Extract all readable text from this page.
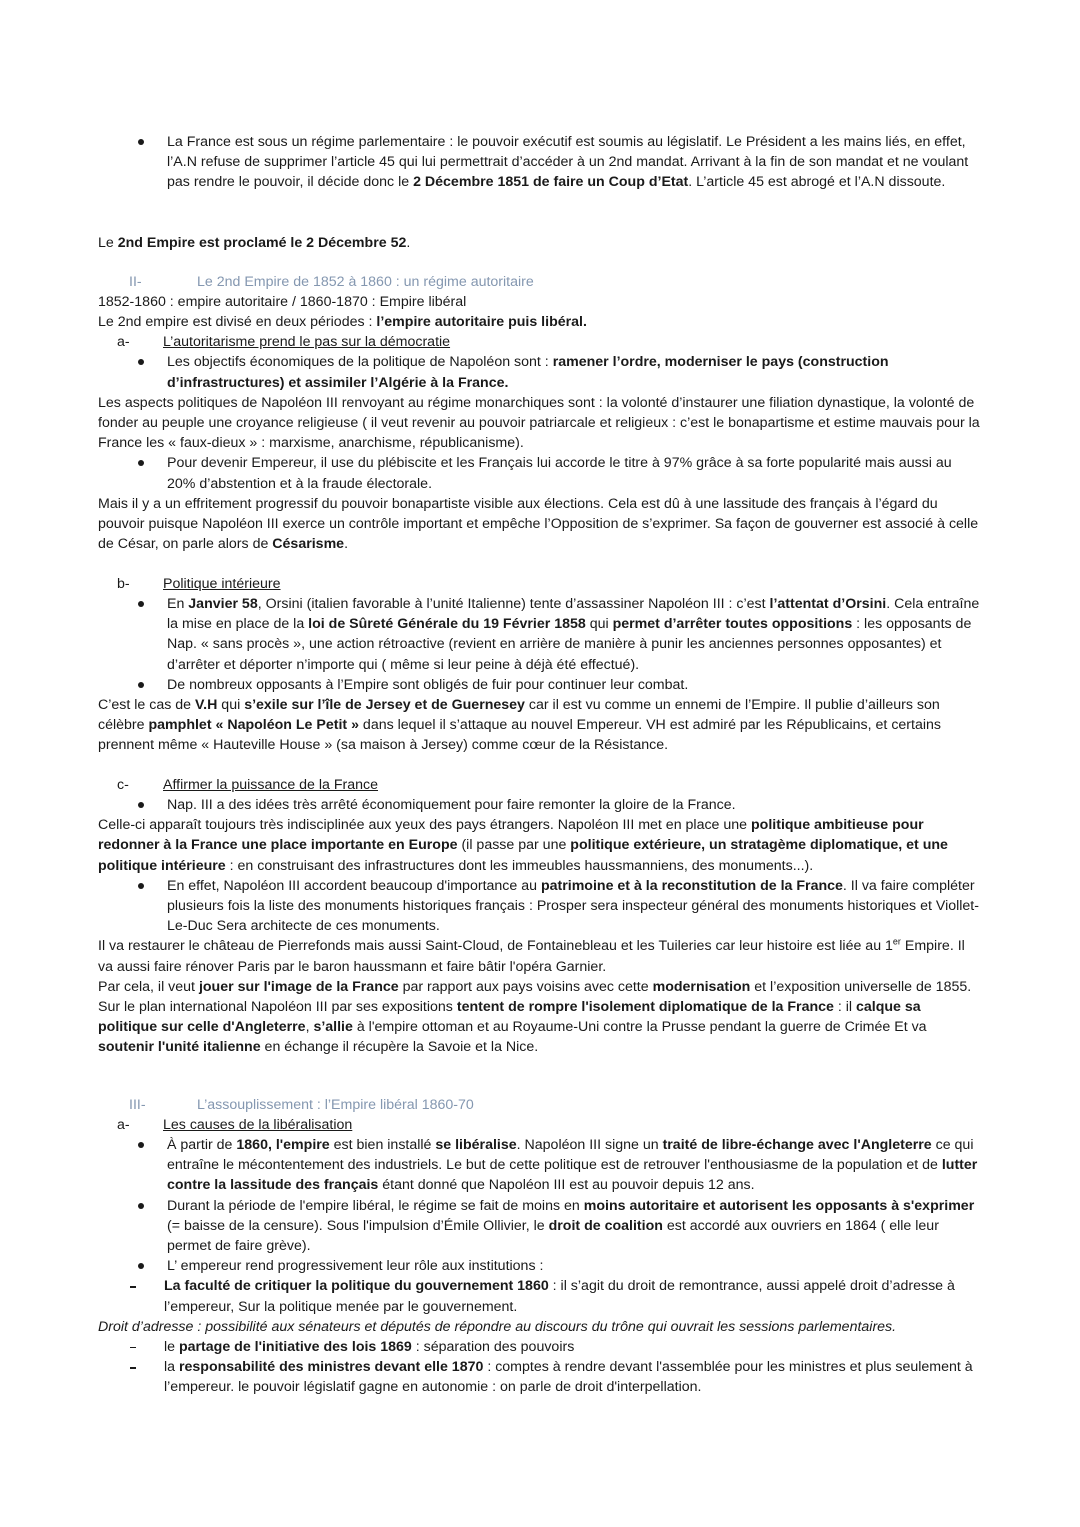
La France est sous un régime parlementaire : le pouvoir exécutif est soumis au législatif. Le Président a les mains liés, en effet, l’A.N refuse de supprimer l’article 45 qui lui permettrait d’accéder à un 2nd mandat. Arrivant à la fin de son mandat et ne voulant pas rendre le pouvoir, il décide donc le 2 Décembre 1851 de faire un Coup d’Etat. L’article 45 est abrogé et l’A.N dissoute.

Le 2nd Empire est proclamé le 2 Décembre 52.

II-	Le 2nd Empire de 1852 à 1860 : un régime autoritaire

1852-1860 : empire autoritaire / 1860-1870 : Empire libéral

Le 2nd empire est divisé en deux périodes : l’empire autoritaire puis libéral.

a- L’autoritarisme prend le pas sur la démocratie
Les objectifs économiques de la politique de Napoléon sont : ramener l’ordre, moderniser le pays (construction d’infrastructures) et assimiler l’Algérie à la France.

Les aspects politiques de Napoléon III renvoyant au régime monarchiques sont : la volonté d’instaurer une filiation dynastique, la volonté de fonder au peuple une croyance religieuse ( il veut revenir au pouvoir patriarcale et religieux : c’est le bonapartisme et estime mauvais pour la France les « faux-dieux » : marxisme, anarchisme, républicanisme).

Pour devenir Empereur, il use du plébiscite et les Français lui accorde le titre à 97% grâce à sa forte popularité mais aussi au 20% d’abstention et à la fraude électorale.

Mais il y a un effritement progressif du pouvoir bonapartiste visible aux élections. Cela est dû à une lassitude des français à l’égard du pouvoir puisque Napoléon III exerce un contrôle important et empêche l’Opposition de s’exprimer. Sa façon de gouverner est associé à celle de César, on parle alors de Césarisme.

b- Politique intérieure
En Janvier 58, Orsini (italien favorable à l’unité Italienne) tente d’assassiner Napoléon III : c’est l’attentat d’Orsini. Cela entraîne la mise en place de la loi de Sûreté Générale du 19 Février 1858 qui permet d’arrêter toutes oppositions : les opposants de Nap. « sans procès », une action rétroactive (revient en arrière de manière à punir les anciennes personnes opposantes) et d’arrêter et déporter n’importe qui ( même si leur peine à déjà été effectué).
De nombreux opposants à l’Empire sont obligés de fuir pour continuer leur combat.

C’est le cas de V.H qui s’exile sur l’île de Jersey et de Guernesey car il est vu comme un ennemi de l’Empire. Il publie d’ailleurs son célèbre pamphlet « Napoléon Le Petit » dans lequel il s’attaque au nouvel Empereur. VH est admiré par les Républicains, et certains prennent même « Hauteville House » (sa maison à Jersey) comme cœur de la Résistance.

c- Affirmer la puissance de la France
Nap. III a des idées très arrêté économiquement pour faire remonter la gloire de la France.

Celle-ci apparaît toujours très indisciplinée aux yeux des pays étrangers. Napoléon III met en place une politique ambitieuse pour redonner à la France une place importante en Europe (il passe par une politique extérieure, un stratagème diplomatique, et une politique intérieure : en construisant des infrastructures dont les immeubles haussmanniens, des monuments...).

En effet, Napoléon III accordent beaucoup d'importance au patrimoine et à la reconstitution de la France. Il va faire compléter plusieurs fois la liste des monuments historiques français : Prosper sera inspecteur général des monuments historiques et Viollet-Le-Duc Sera architecte de ces monuments.

Il va restaurer le château de Pierrefonds mais aussi Saint-Cloud, de Fontainebleau et les Tuileries car leur histoire est liée au 1er Empire. Il va aussi faire rénover Paris par le baron haussmann et faire bâtir l'opéra Garnier.

Par cela, il veut jouer sur l'image de la France par rapport aux pays voisins avec cette modernisation et l’exposition universelle de 1855.

Sur le plan international Napoléon III par ses expositions tentent de rompre l'isolement diplomatique de la France : il calque sa politique sur celle d'Angleterre, s’allie à l'empire ottoman et au Royaume-Uni contre la Prusse pendant la guerre de Crimée Et va soutenir l'unité italienne en échange il récupère la Savoie et la Nice.

III-	L’assouplissement : l’Empire libéral 1860-70
a- Les causes de la libéralisation
À partir de 1860, l'empire est bien installé se libéralise. Napoléon III signe un traité de libre-échange avec l'Angleterre ce qui entraîne le mécontentement des industriels. Le but de cette politique est de retrouver l'enthousiasme de la population et de lutter contre la lassitude des français étant donné que Napoléon III est au pouvoir depuis 12 ans.
Durant la période de l'empire libéral, le régime se fait de moins en moins autoritaire et autorisent les opposants à s'exprimer (= baisse de la censure). Sous l'impulsion d’Émile Ollivier, le droit de coalition est accordé aux ouvriers en 1864 ( elle leur permet de faire grève).
L’ empereur rend progressivement leur rôle aux institutions :
La faculté de critiquer la politique du gouvernement 1860 : il s’agit du droit de remontrance, aussi appelé droit d’adresse à l’empereur, Sur la politique menée par le gouvernement.

Droit d’adresse : possibilité aux sénateurs et députés de répondre au discours du trône qui ouvrait les sessions parlementaires.

le partage de l'initiative des lois 1869 : séparation des pouvoirs
la responsabilité des ministres devant elle 1870 : comptes à rendre devant l'assemblée pour les ministres et plus seulement à l’empereur. le pouvoir législatif gagne en autonomie : on parle de droit d'interpellation.
